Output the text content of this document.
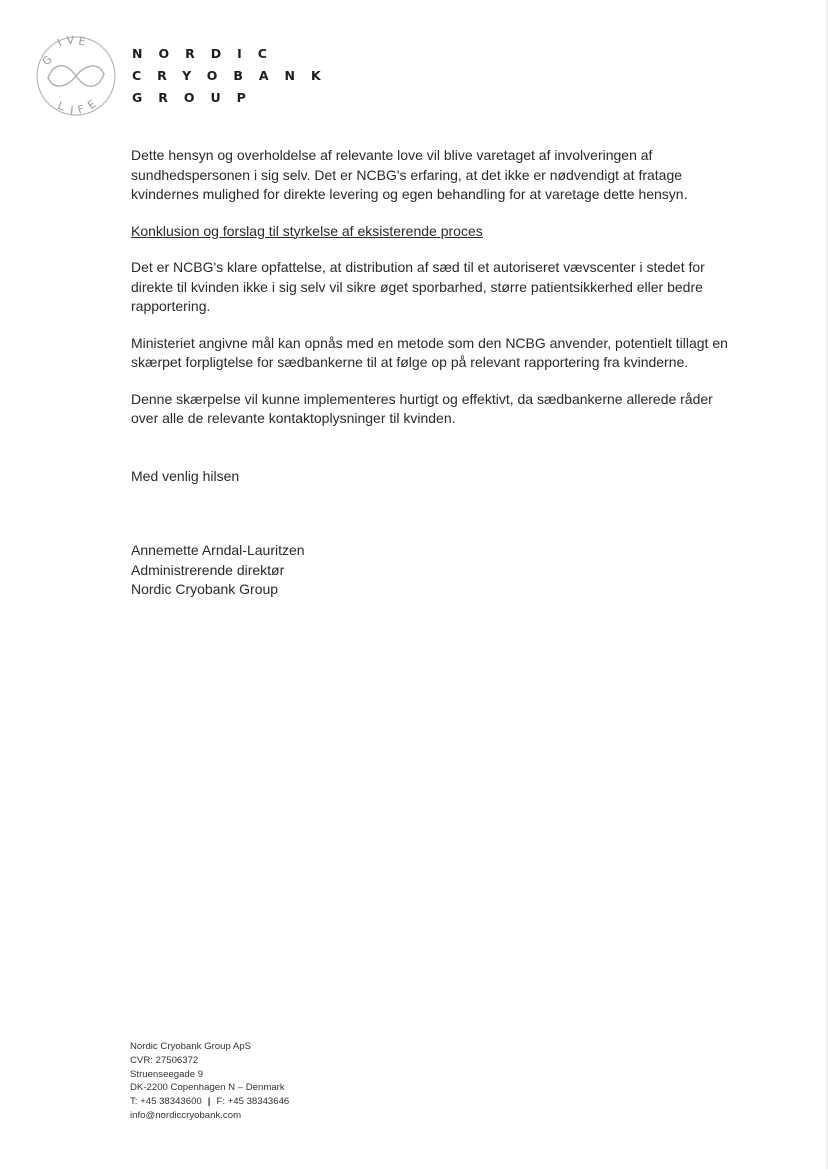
G
I V E
L I F E
NORDIC
CRYOBANK
GROUP

Dette hensyn og overholdelse af relevante love vil blive varetaget af involveringen af sundhedspersonen i sig selv. Det er NCBG's erfaring, at det ikke er nødvendigt at fratage kvindernes mulighed for direkte levering og egen behandling for at varetage dette hensyn.

Konklusion og forslag til styrkelse af eksisterende proces

Det er NCBG's klare opfattelse, at distribution af sæd til et autoriseret vævscenter i stedet for direkte til kvinden ikke i sig selv vil sikre øget sporbarhed, større patientsikkerhed eller bedre rapportering.

Ministeriet angivne mål kan opnås med en metode som den NCBG anvender, potentielt tillagt en skærpet forpligtelse for sædbankerne til at følge op på relevant rapportering fra kvinderne.

Denne skærpelse vil kunne implementeres hurtigt og effektivt, da sædbankerne allerede råder over alle de relevante kontaktoplysninger til kvinden.

Med venlig hilsen

Annemette Arndal-Lauritzen
Administrerende direktør
Nordic Cryobank Group
Nordic Cryobank Group ApS
CVR: 27506372
Struenseegade 9
DK-2200 Copenhagen N – Denmark
T: +45 38343600 | F: +45 38343646
info@nordiccryobank.com
